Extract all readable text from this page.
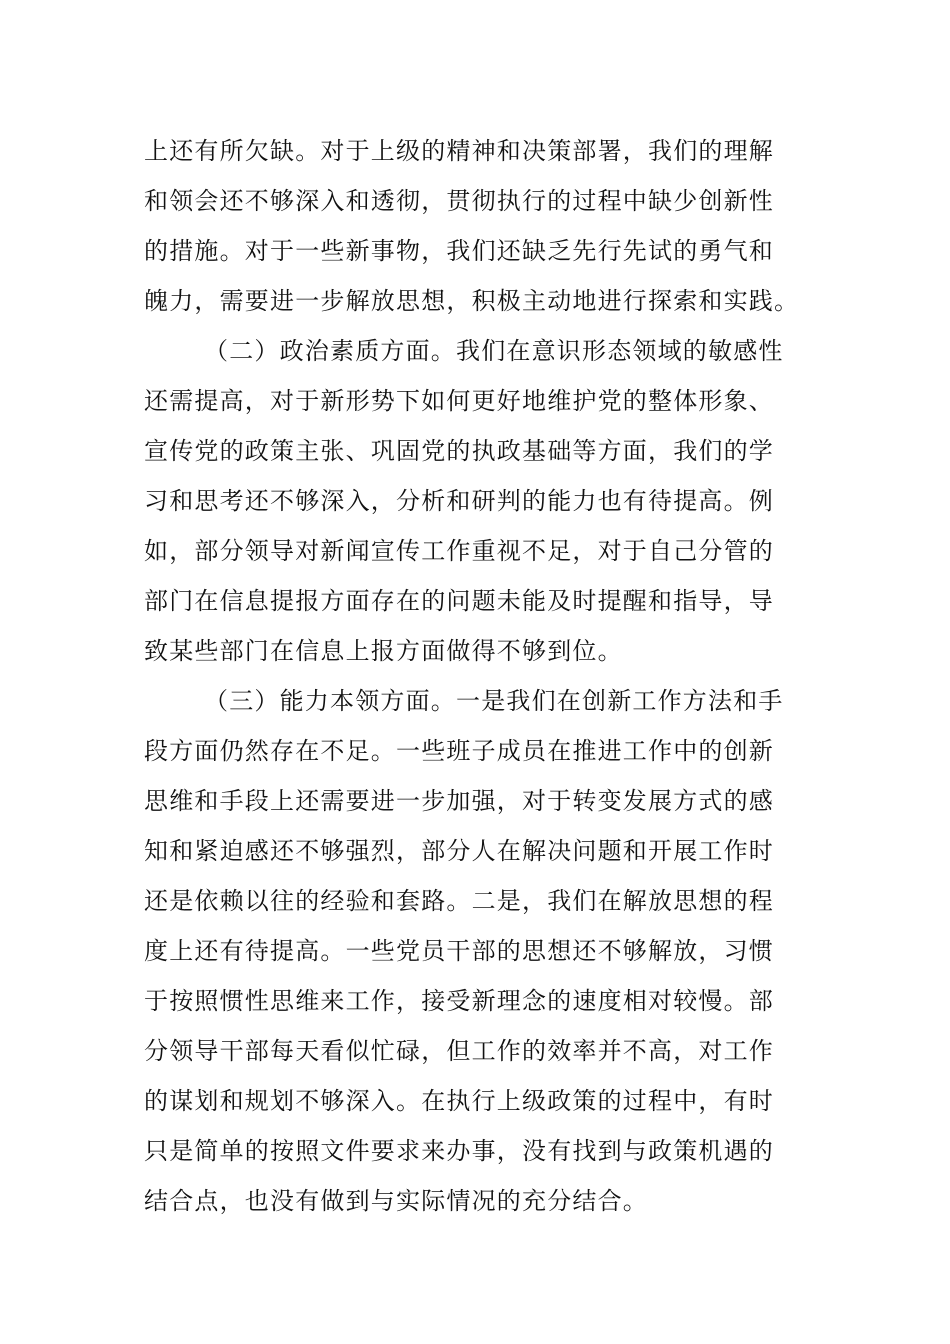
上还有所欠缺。对于上级的精神和决策部署，我们的理解
和领会还不够深入和透彻，贯彻执行的过程中缺少创新性
的措施。对于一些新事物，我们还缺乏先行先试的勇气和
魄力，需要进一步解放思想，积极主动地进行探索和实践。
（二）政治素质方面。我们在意识形态领域的敏感性
还需提高，对于新形势下如何更好地维护党的整体形象、
宣传党的政策主张、巩固党的执政基础等方面，我们的学
习和思考还不够深入，分析和研判的能力也有待提高。例
如，部分领导对新闻宣传工作重视不足，对于自己分管的
部门在信息提报方面存在的问题未能及时提醒和指导，导
致某些部门在信息上报方面做得不够到位。
（三）能力本领方面。一是我们在创新工作方法和手
段方面仍然存在不足。一些班子成员在推进工作中的创新
思维和手段上还需要进一步加强，对于转变发展方式的感
知和紧迫感还不够强烈，部分人在解决问题和开展工作时
还是依赖以往的经验和套路。二是，我们在解放思想的程
度上还有待提高。一些党员干部的思想还不够解放，习惯
于按照惯性思维来工作，接受新理念的速度相对较慢。部
分领导干部每天看似忙碌，但工作的效率并不高，对工作
的谋划和规划不够深入。在执行上级政策的过程中，有时
只是简单的按照文件要求来办事，没有找到与政策机遇的
结合点，也没有做到与实际情况的充分结合。
